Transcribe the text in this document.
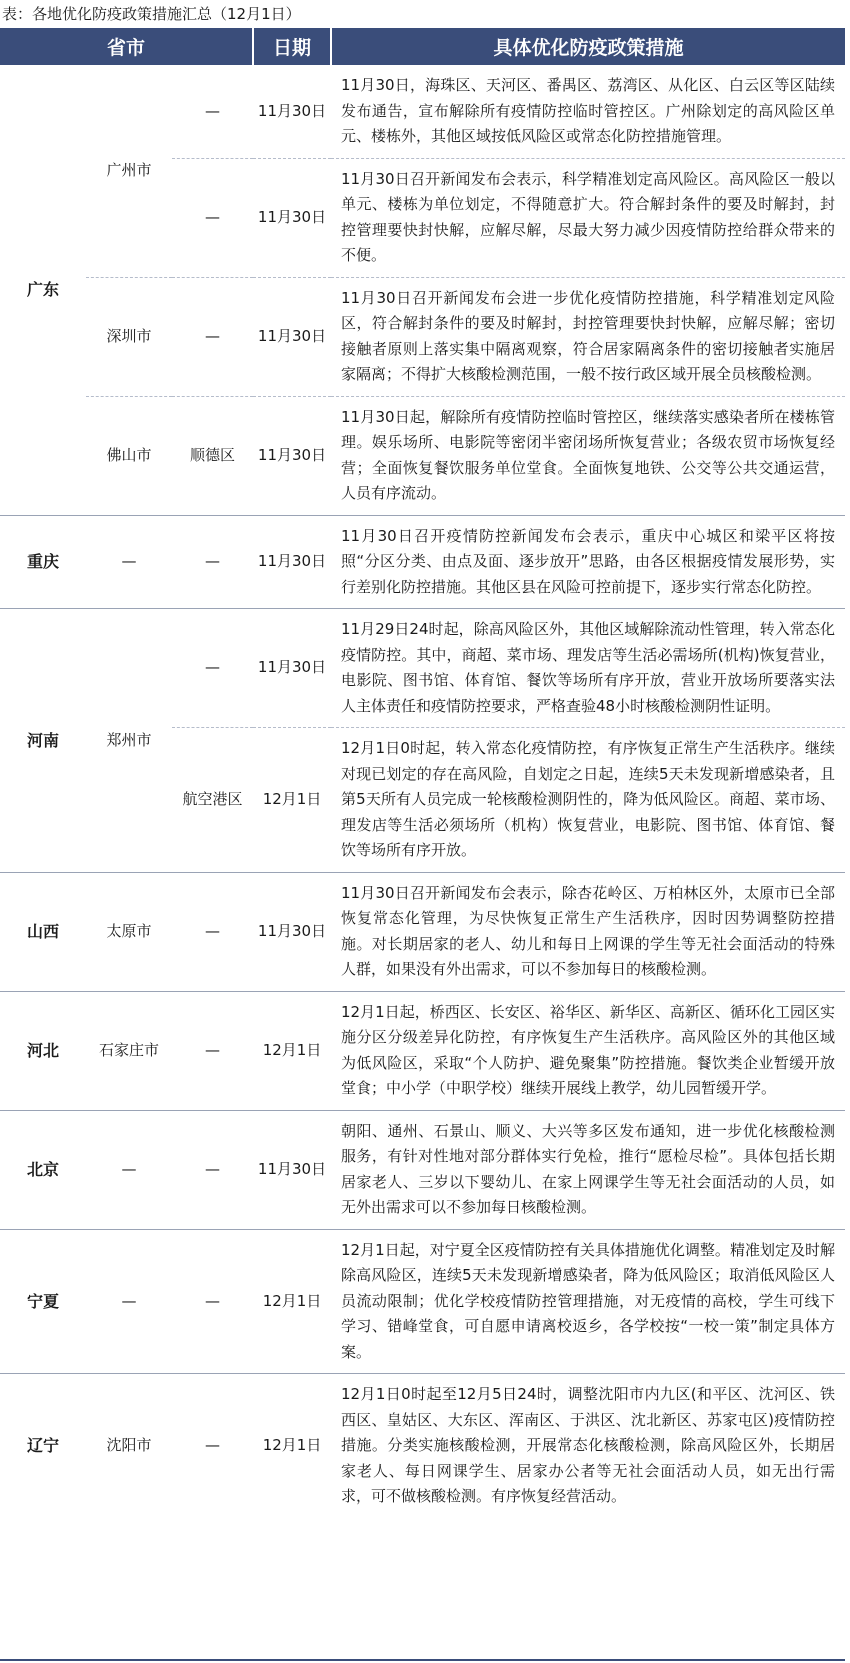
表：各地优化防疫政策措施汇总（12月1日）
省市			日期	具体优化防疫政策措施
广东	广州市	—	11月30日	11月30日，海珠区、天河区、番禺区、荔湾区、从化区、白云区等区陆续发布通告，宣布解除所有疫情防控临时管控区。广州除划定的高风险区单元、楼栋外，其他区域按低风险区或常态化防控措施管理。
		—	11月30日	11月30日召开新闻发布会表示，科学精准划定高风险区。高风险区一般以单元、楼栋为单位划定，不得随意扩大。符合解封条件的要及时解封，封控管理要快封快解，应解尽解，尽最大努力减少因疫情防控给群众带来的不便。
	深圳市	—	11月30日	11月30日召开新闻发布会进一步优化疫情防控措施，科学精准划定风险区，符合解封条件的要及时解封，封控管理要快封快解，应解尽解；密切接触者原则上落实集中隔离观察，符合居家隔离条件的密切接触者实施居家隔离；不得扩大核酸检测范围，一般不按行政区域开展全员核酸检测。
	佛山市	顺德区	11月30日	11月30日起，解除所有疫情防控临时管控区，继续落实感染者所在楼栋管理。娱乐场所、电影院等密闭半密闭场所恢复营业；各级农贸市场恢复经营；全面恢复餐饮服务单位堂食。全面恢复地铁、公交等公共交通运营，人员有序流动。
重庆	—	—	11月30日	11月30日召开疫情防控新闻发布会表示，重庆中心城区和梁平区将按照“分区分类、由点及面、逐步放开”思路，由各区根据疫情发展形势，实行差别化防控措施。其他区县在风险可控前提下，逐步实行常态化防控。
河南	郑州市	—	11月30日	11月29日24时起，除高风险区外，其他区域解除流动性管理，转入常态化疫情防控。其中，商超、菜市场、理发店等生活必需场所(机构)恢复营业，电影院、图书馆、体育馆、餐饮等场所有序开放，营业开放场所要落实法人主体责任和疫情防控要求，严格查验48小时核酸检测阴性证明。
		航空港区	12月1日	12月1日0时起，转入常态化疫情防控，有序恢复正常生产生活秩序。继续对现已划定的存在高风险，自划定之日起，连续5天未发现新增感染者，且第5天所有人员完成一轮核酸检测阴性的，降为低风险区。商超、菜市场、理发店等生活必须场所（机构）恢复营业，电影院、图书馆、体育馆、餐饮等场所有序开放。
山西	太原市	—	11月30日	11月30日召开新闻发布会表示，除杏花岭区、万柏林区外，太原市已全部恢复常态化管理，为尽快恢复正常生产生活秩序，因时因势调整防控措施。对长期居家的老人、幼儿和每日上网课的学生等无社会面活动的特殊人群，如果没有外出需求，可以不参加每日的核酸检测。
河北	石家庄市	—	12月1日	12月1日起，桥西区、长安区、裕华区、新华区、高新区、循环化工园区实施分区分级差异化防控，有序恢复生产生活秩序。高风险区外的其他区域为低风险区，采取“个人防护、避免聚集”防控措施。餐饮类企业暂缓开放堂食；中小学（中职学校）继续开展线上教学，幼儿园暂缓开学。
北京	—	—	11月30日	朝阳、通州、石景山、顺义、大兴等多区发布通知，进一步优化核酸检测服务，有针对性地对部分群体实行免检，推行“愿检尽检”。具体包括长期居家老人、三岁以下婴幼儿、在家上网课学生等无社会面活动的人员，如无外出需求可以不参加每日核酸检测。
宁夏	—	—	12月1日	12月1日起，对宁夏全区疫情防控有关具体措施优化调整。精准划定及时解除高风险区，连续5天未发现新增感染者，降为低风险区；取消低风险区人员流动限制；优化学校疫情防控管理措施，对无疫情的高校，学生可线下学习、错峰堂食，可自愿申请离校返乡，各学校按“一校一策”制定具体方案。
辽宁	沈阳市	—	12月1日	12月1日0时起至12月5日24时，调整沈阳市内九区(和平区、沈河区、铁西区、皇姑区、大东区、浑南区、于洪区、沈北新区、苏家屯区)疫情防控措施。分类实施核酸检测，开展常态化核酸检测，除高风险区外，长期居家老人、每日网课学生、居家办公者等无社会面活动人员，如无出行需求，可不做核酸检测。有序恢复经营活动。
